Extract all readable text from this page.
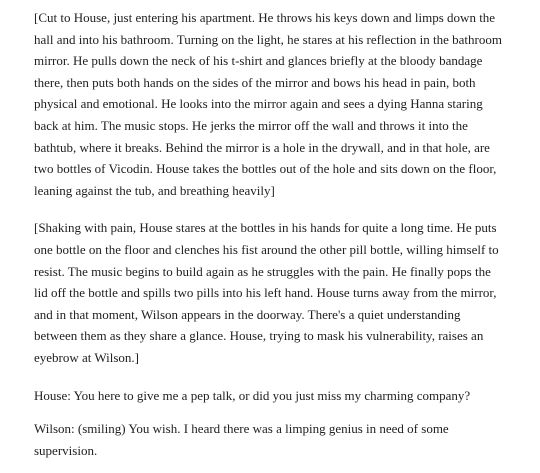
[Cut to House, just entering his apartment. He throws his keys down and limps down the hall and into his bathroom. Turning on the light, he stares at his reflection in the bathroom mirror. He pulls down the neck of his t-shirt and glances briefly at the bloody bandage there, then puts both hands on the sides of the mirror and bows his head in pain, both physical and emotional. He looks into the mirror again and sees a dying Hanna staring back at him. The music stops. He jerks the mirror off the wall and throws it into the bathtub, where it breaks. Behind the mirror is a hole in the drywall, and in that hole, are two bottles of Vicodin. House takes the bottles out of the hole and sits down on the floor, leaning against the tub, and breathing heavily]

[Shaking with pain, House stares at the bottles in his hands for quite a long time. He puts one bottle on the floor and clenches his fist around the other pill bottle, willing himself to resist. The music begins to build again as he struggles with the pain. He finally pops the lid off the bottle and spills two pills into his left hand. House turns away from the mirror, and in that moment, Wilson appears in the doorway. There's a quiet understanding between them as they share a glance. House, trying to mask his vulnerability, raises an eyebrow at Wilson.]

House: You here to give me a pep talk, or did you just miss my charming company?

Wilson: (smiling) You wish. I heard there was a limping genius in need of some supervision.
